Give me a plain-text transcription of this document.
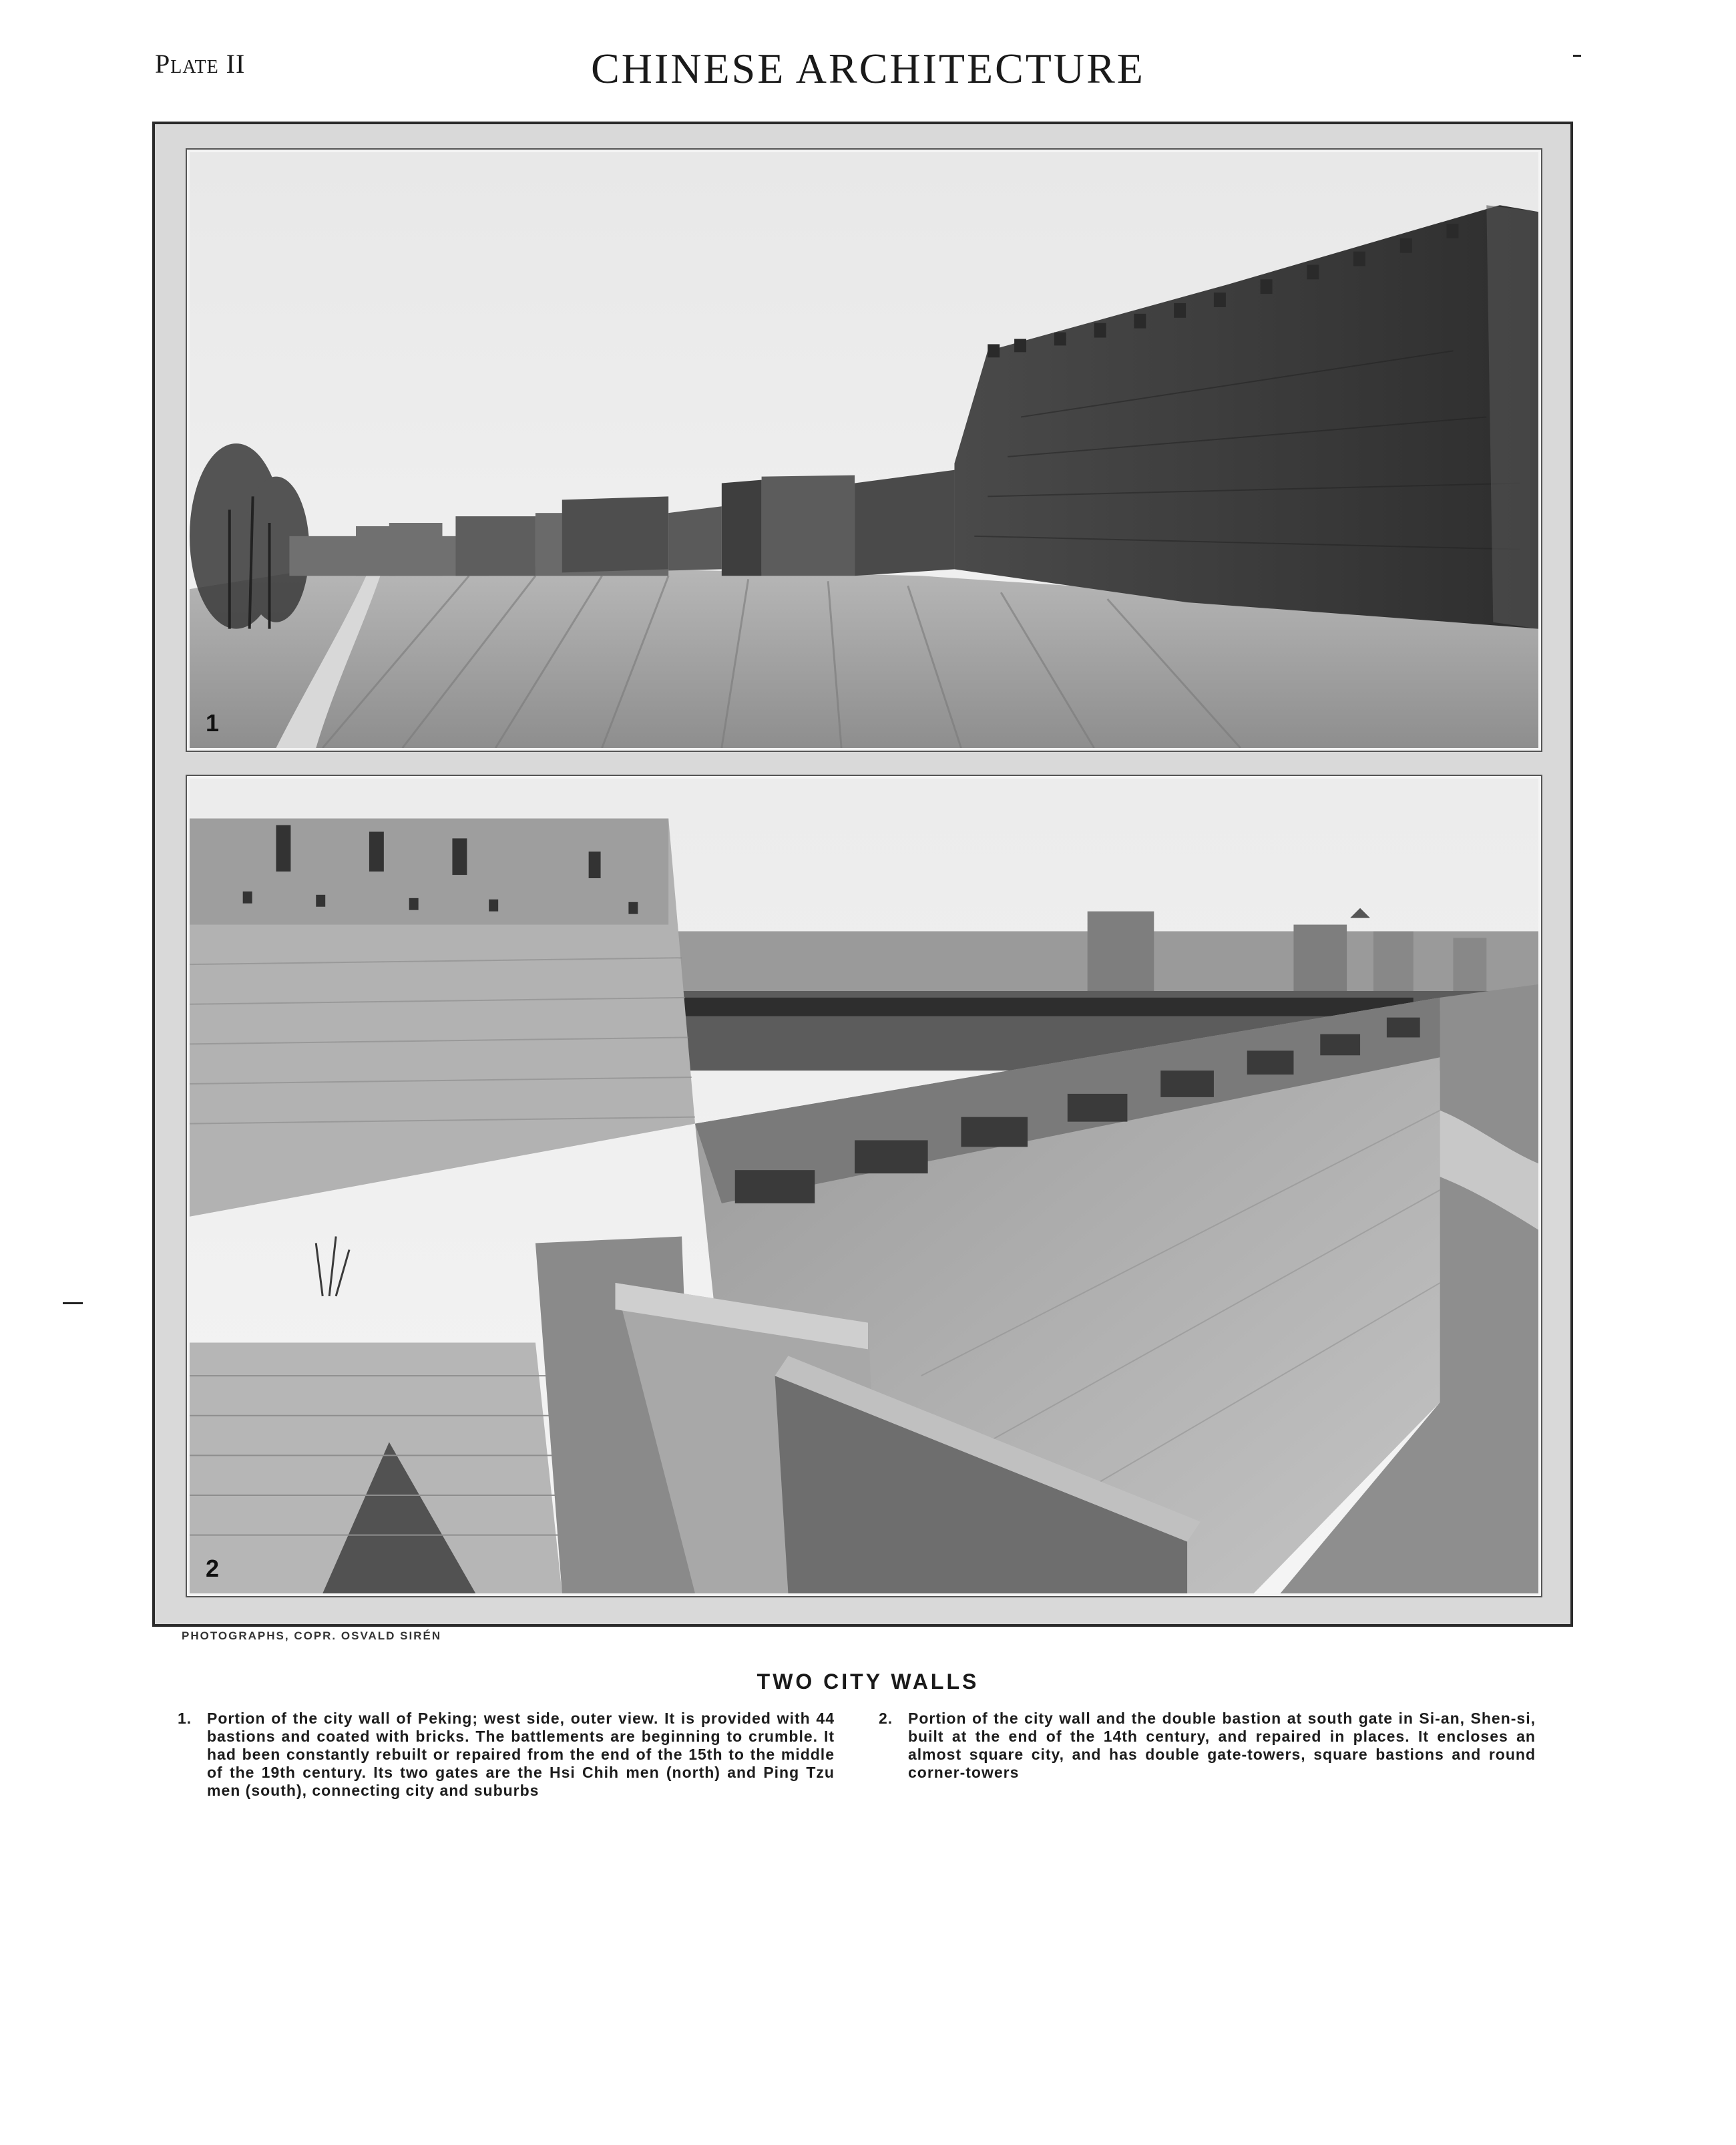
Plate II	CHINESE ARCHITECTURE
1
2
PHOTOGRAPHS, COPR. OSVALD SIRÉN
TWO CITY WALLS
1. Portion of the city wall of Peking; west side, outer view. It is provided with 44 bastions and coated with bricks. The battlements are beginning to crumble. It had been constantly rebuilt or repaired from the end of the 15th to the middle of the 19th century. Its two gates are the Hsi Chih men (north) and Ping Tzu men (south), connecting city and suburbs
2. Portion of the city wall and the double bastion at south gate in Si-an, Shen-si, built at the end of the 14th century, and repaired in places. It encloses an almost square city, and has double gate-towers, square bastions and round corner-towers
